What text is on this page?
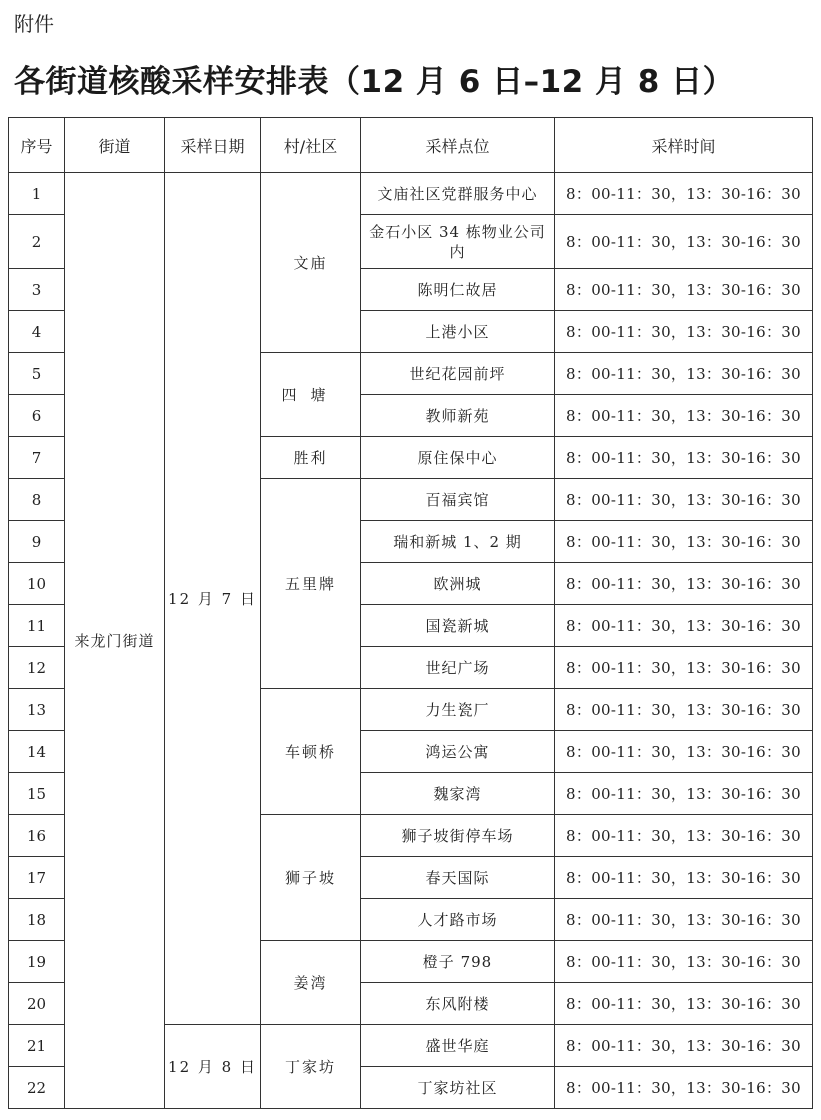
附件
各街道核酸采样安排表（12 月 6 日–12 月 8 日）
序号	街道	采样日期	村/社区	采样点位	采样时间
1	来龙门街道	12 月 7 日	文庙	文庙社区党群服务中心	8：00-11：30，13：30-16：30
2				金石小区 34 栋物业公司内	8：00-11：30，13：30-16：30
3				陈明仁故居	8：00-11：30，13：30-16：30
4				上港小区	8：00-11：30，13：30-16：30
5			四塘	世纪花园前坪	8：00-11：30，13：30-16：30
6				教师新苑	8：00-11：30，13：30-16：30
7			胜利	原住保中心	8：00-11：30，13：30-16：30
8			五里牌	百福宾馆	8：00-11：30，13：30-16：30
9				瑞和新城 1、2 期	8：00-11：30，13：30-16：30
10				欧洲城	8：00-11：30，13：30-16：30
11				国瓷新城	8：00-11：30，13：30-16：30
12				世纪广场	8：00-11：30，13：30-16：30
13			车顿桥	力生瓷厂	8：00-11：30，13：30-16：30
14				鸿运公寓	8：00-11：30，13：30-16：30
15				魏家湾	8：00-11：30，13：30-16：30
16			狮子坡	狮子坡街停车场	8：00-11：30，13：30-16：30
17				春天国际	8：00-11：30，13：30-16：30
18				人才路市场	8：00-11：30，13：30-16：30
19			姜湾	橙子 798	8：00-11：30，13：30-16：30
20				东风附楼	8：00-11：30，13：30-16：30
21		12 月 8 日	丁家坊	盛世华庭	8：00-11：30，13：30-16：30
22				丁家坊社区	8：00-11：30，13：30-16：30
